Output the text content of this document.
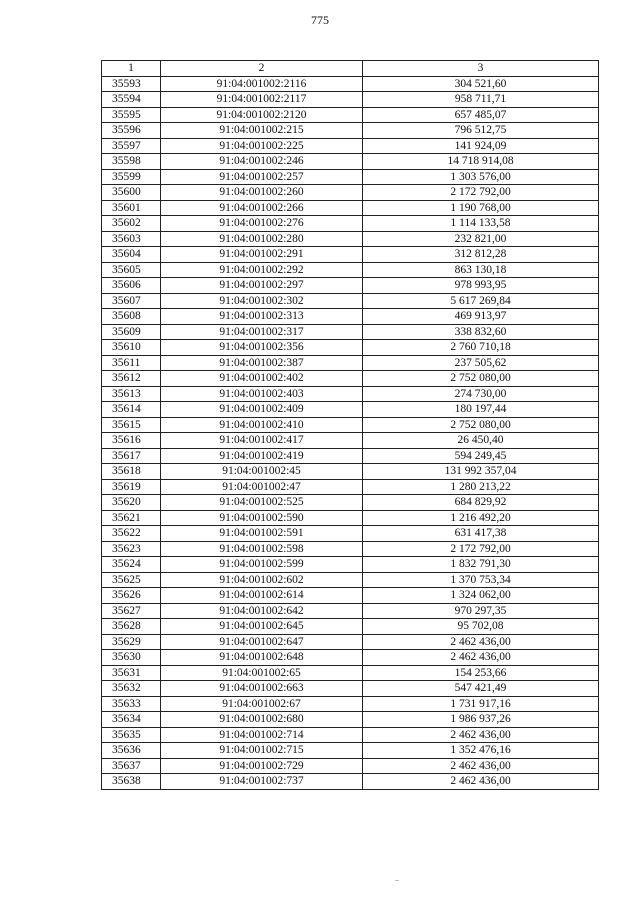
775
1	2	3
35593	91:04:001002:2116	304 521,60
35594	91:04:001002:2117	958 711,71
35595	91:04:001002:2120	657 485,07
35596	91:04:001002:215	796 512,75
35597	91:04:001002:225	141 924,09
35598	91:04:001002:246	14 718 914,08
35599	91:04:001002:257	1 303 576,00
35600	91:04:001002:260	2 172 792,00
35601	91:04:001002:266	1 190 768,00
35602	91:04:001002:276	1 114 133,58
35603	91:04:001002:280	232 821,00
35604	91:04:001002:291	312 812,28
35605	91:04:001002:292	863 130,18
35606	91:04:001002:297	978 993,95
35607	91:04:001002:302	5 617 269,84
35608	91:04:001002:313	469 913,97
35609	91:04:001002:317	338 832,60
35610	91:04:001002:356	2 760 710,18
35611	91:04:001002:387	237 505,62
35612	91:04:001002:402	2 752 080,00
35613	91:04:001002:403	274 730,00
35614	91:04:001002:409	180 197,44
35615	91:04:001002:410	2 752 080,00
35616	91:04:001002:417	26 450,40
35617	91:04:001002:419	594 249,45
35618	91:04:001002:45	131 992 357,04
35619	91:04:001002:47	1 280 213,22
35620	91:04:001002:525	684 829,92
35621	91:04:001002:590	1 216 492,20
35622	91:04:001002:591	631 417,38
35623	91:04:001002:598	2 172 792,00
35624	91:04:001002:599	1 832 791,30
35625	91:04:001002:602	1 370 753,34
35626	91:04:001002:614	1 324 062,00
35627	91:04:001002:642	970 297,35
35628	91:04:001002:645	95 702,08
35629	91:04:001002:647	2 462 436,00
35630	91:04:001002:648	2 462 436,00
35631	91:04:001002:65	154 253,66
35632	91:04:001002:663	547 421,49
35633	91:04:001002:67	1 731 917,16
35634	91:04:001002:680	1 986 937,26
35635	91:04:001002:714	2 462 436,00
35636	91:04:001002:715	1 352 476,16
35637	91:04:001002:729	2 462 436,00
35638	91:04:001002:737	2 462 436,00
